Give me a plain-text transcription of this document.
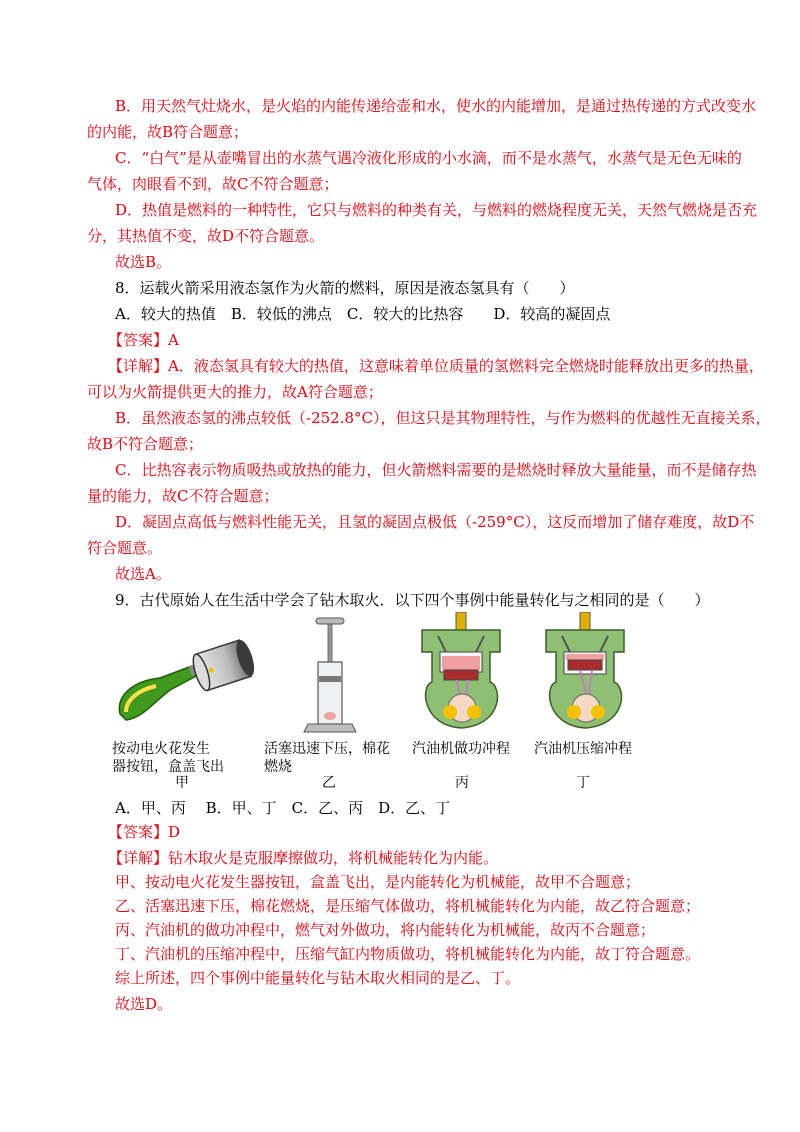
B．用天然气灶烧水，是火焰的内能传递给壶和水，使水的内能增加，是通过热传递的方式改变水
的内能，故B符合题意；
C．“白气”是从壶嘴冒出的水蒸气遇冷液化形成的小水滴，而不是水蒸气，水蒸气是无色无味的
气体，肉眼看不到，故C不符合题意；
D．热值是燃料的一种特性，它只与燃料的种类有关，与燃料的燃烧程度无关，天然气燃烧是否充
分，其热值不变，故D不符合题意。
故选B。
8．运载火箭采用液态氢作为火箭的燃料，原因是液态氢具有（　　）
A．较大的热值　B．较低的沸点　C．较大的比热容　　D．较高的凝固点
【答案】A
【详解】A．液态氢具有较大的热值，这意味着单位质量的氢燃料完全燃烧时能释放出更多的热量，
可以为火箭提供更大的推力，故A符合题意；
B．虽然液态氢的沸点较低（-252.8°C），但这只是其物理特性，与作为燃料的优越性无直接关系，
故B不符合题意；
C．比热容表示物质吸热或放热的能力，但火箭燃料需要的是燃烧时释放大量能量，而不是储存热
量的能力，故C不符合题意；
D．凝固点高低与燃料性能无关，且氢的凝固点极低（-259°C），这反而增加了储存难度，故D不
符合题意。
故选A。
9．古代原始人在生活中学会了钻木取火．以下四个事例中能量转化与之相同的是（　　）
按动电火花发生
器按钮，盒盖飞出
甲
活塞迅速下压，棉花
燃烧
乙
汽油机做功冲程
丙
汽油机压缩冲程
丁
A．甲、丙　 B．甲、丁　C．乙、丙　D．乙、丁
【答案】D
【详解】钻木取火是克服摩擦做功，将机械能转化为内能。
甲、按动电火花发生器按钮，盒盖飞出，是内能转化为机械能，故甲不合题意；
乙、活塞迅速下压，棉花燃烧，是压缩气体做功，将机械能转化为内能，故乙符合题意；
丙、汽油机的做功冲程中，燃气对外做功，将内能转化为机械能，故丙不合题意；
丁、汽油机的压缩冲程中，压缩气缸内物质做功，将机械能转化为内能，故丁符合题意。
综上所述，四个事例中能量转化与钻木取火相同的是乙、丁。
故选D。
